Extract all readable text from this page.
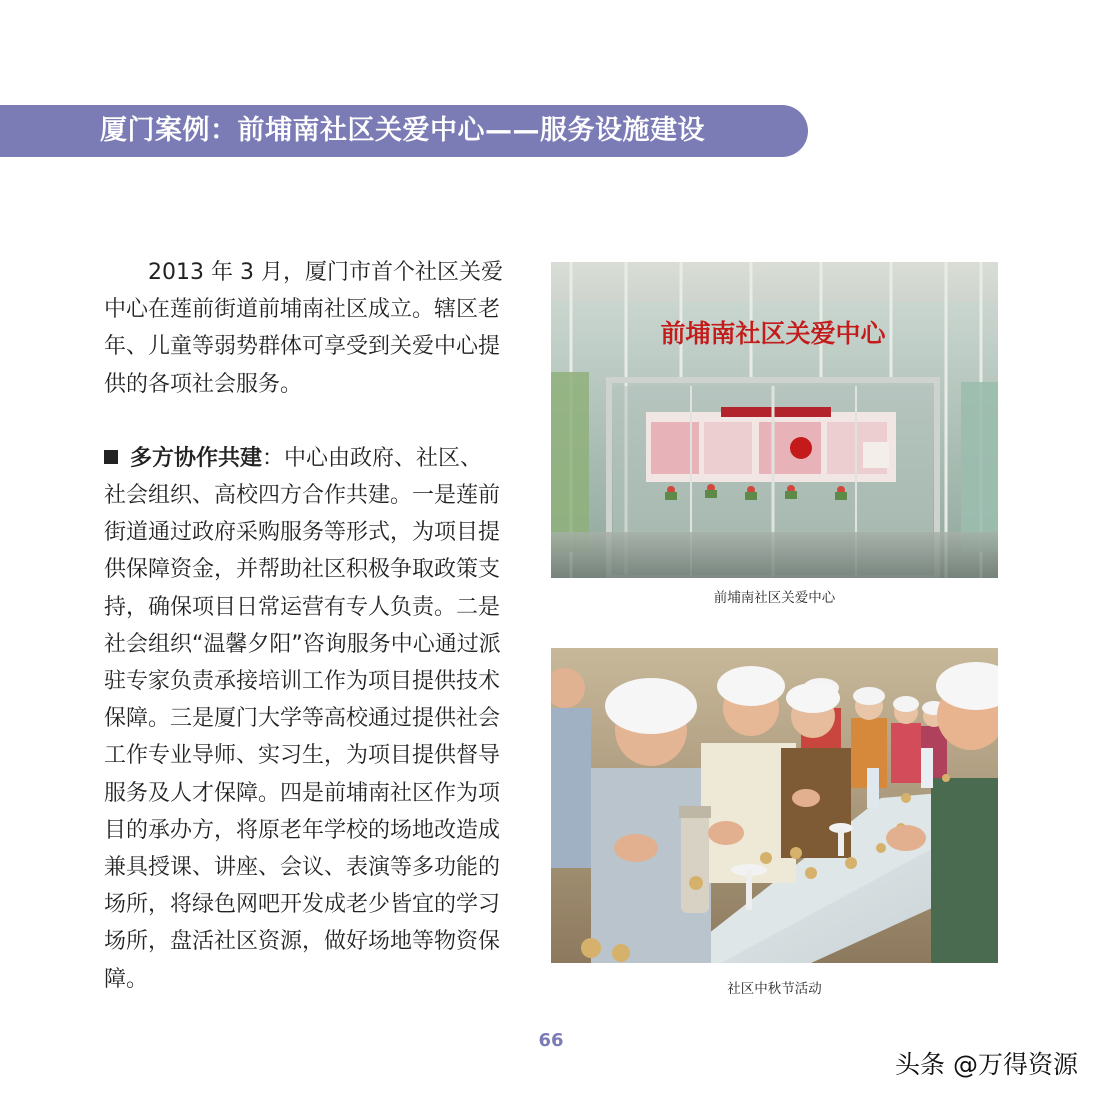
厦门案例：前埔南社区关爱中心——服务设施建设

2013 年 3 月，厦门市首个社区关爱中心在莲前街道前埔南社区成立。辖区老年、儿童等弱势群体可享受到关爱中心提供的各项社会服务。

多方协作共建：中心由政府、社区、社会组织、高校四方合作共建。一是莲前街道通过政府采购服务等形式，为项目提供保障资金，并帮助社区积极争取政策支持，确保项目日常运营有专人负责。二是社会组织“温馨夕阳”咨询服务中心通过派驻专家负责承接培训工作为项目提供技术保障。三是厦门大学等高校通过提供社会工作专业导师、实习生，为项目提供督导服务及人才保障。四是前埔南社区作为项目的承办方，将原老年学校的场地改造成兼具授课、讲座、会议、表演等多功能的场所，将绿色网吧开发成老少皆宜的学习场所，盘活社区资源，做好场地等物资保障。

前埔南社区关爱中心
前埔南社区关爱中心
社区中秋节活动
66
头条 @万得资源
